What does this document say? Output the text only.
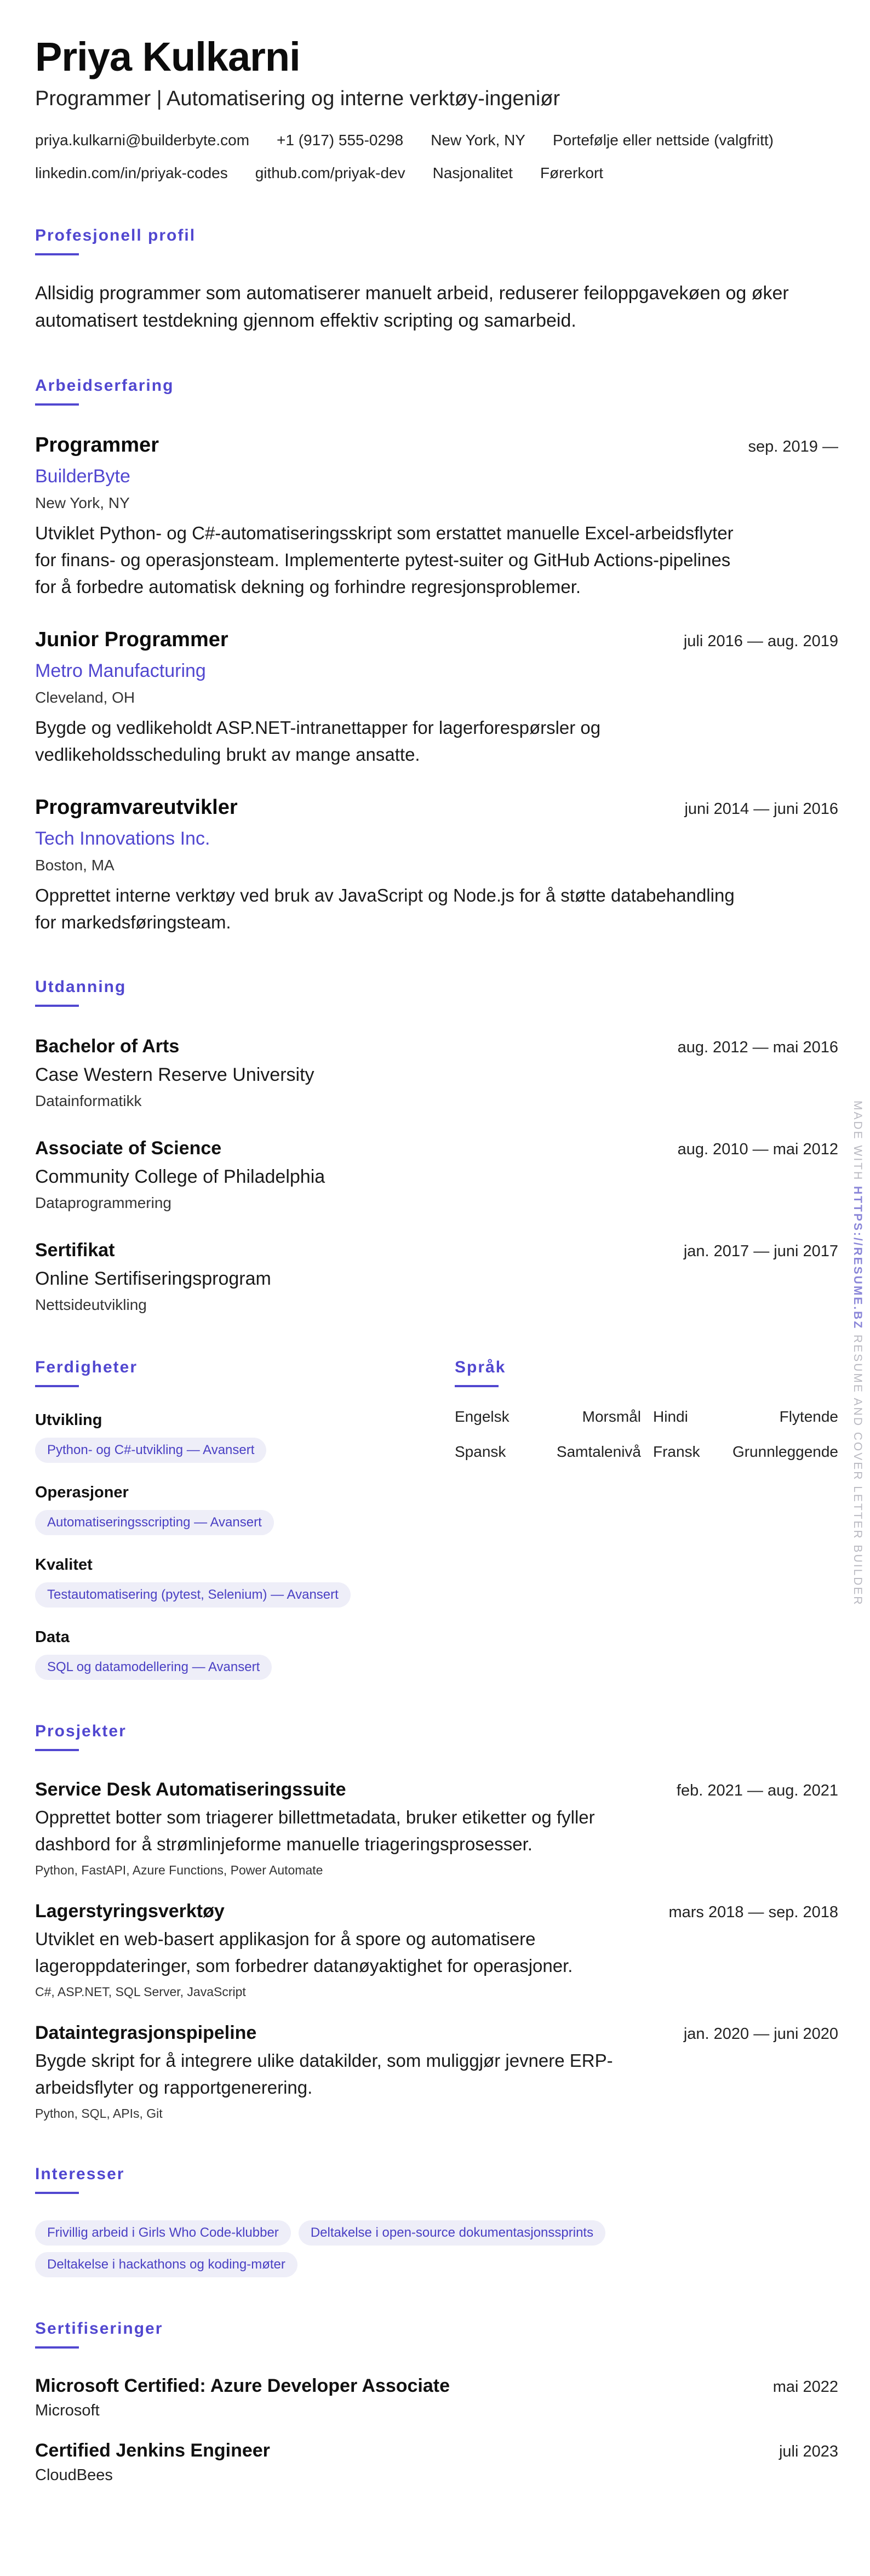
Priya Kulkarni
Programmer | Automatisering og interne verktøy-ingeniør
priya.kulkarni@builderbyte.com +1 (917) 555-0298 New York, NY Portefølje eller nettside (valgfritt)
linkedin.com/in/priyak-codes github.com/priyak-dev Nasjonalitet Førerkort
Profesjonell profil
Allsidig programmer som automatiserer manuelt arbeid, reduserer feiloppgavekøen og øker automatisert testdekning gjennom effektiv scripting og samarbeid.
Arbeidserfaring
Programmer	sep. 2019 —
BuilderByte
New York, NY
Utviklet Python- og C#-automatiseringsskript som erstattet manuelle Excel-arbeidsflyter for finans- og operasjonsteam. Implementerte pytest-suiter og GitHub Actions-pipelines for å forbedre automatisk dekning og forhindre regresjonsproblemer.
Junior Programmer	juli 2016 — aug. 2019
Metro Manufacturing
Cleveland, OH
Bygde og vedlikeholdt ASP.NET-intranettapper for lagerforespørsler og vedlikeholdsscheduling brukt av mange ansatte.
Programvareutvikler	juni 2014 — juni 2016
Tech Innovations Inc.
Boston, MA
Opprettet interne verktøy ved bruk av JavaScript og Node.js for å støtte databehandling for markedsføringsteam.
Utdanning
Bachelor of Arts	aug. 2012 — mai 2016
Case Western Reserve University
Datainformatikk
Associate of Science	aug. 2010 — mai 2012
Community College of Philadelphia
Dataprogrammering
Sertifikat	jan. 2017 — juni 2017
Online Sertifiseringsprogram
Nettsideutvikling
Ferdigheter
Utvikling
Python- og C#-utvikling — Avansert
Operasjoner
Automatiseringsscripting — Avansert
Kvalitet
Testautomatisering (pytest, Selenium) — Avansert
Data
SQL og datamodellering — Avansert
Språk
Engelsk	Morsmål Hindi	Flytende
Spansk	Samtalenivå Fransk	Grunnleggende
Prosjekter
Service Desk Automatiseringssuite	feb. 2021 — aug. 2021
Opprettet botter som triagerer billettmetadata, bruker etiketter og fyller dashbord for å strømlinjeforme manuelle triageringsprosesser.
Python, FastAPI, Azure Functions, Power Automate
Lagerstyringsverktøy	mars 2018 — sep. 2018
Utviklet en web-basert applikasjon for å spore og automatisere lageroppdateringer, som forbedrer datanøyaktighet for operasjoner.
C#, ASP.NET, SQL Server, JavaScript
Dataintegrasjonspipeline	jan. 2020 — juni 2020
Bygde skript for å integrere ulike datakilder, som muliggjør jevnere ERP-arbeidsflyter og rapportgenerering.
Python, SQL, APIs, Git
Interesser
Frivillig arbeid i Girls Who Code-klubber Deltakelse i open-source dokumentasjonssprints
Deltakelse i hackathons og koding-møter
Sertifiseringer
Microsoft Certified: Azure Developer Associate	mai 2022
Microsoft
Certified Jenkins Engineer	juli 2023
CloudBees
MADE WITH HTTPS://RESUME.BZ RESUME AND COVER LETTER BUILDER
